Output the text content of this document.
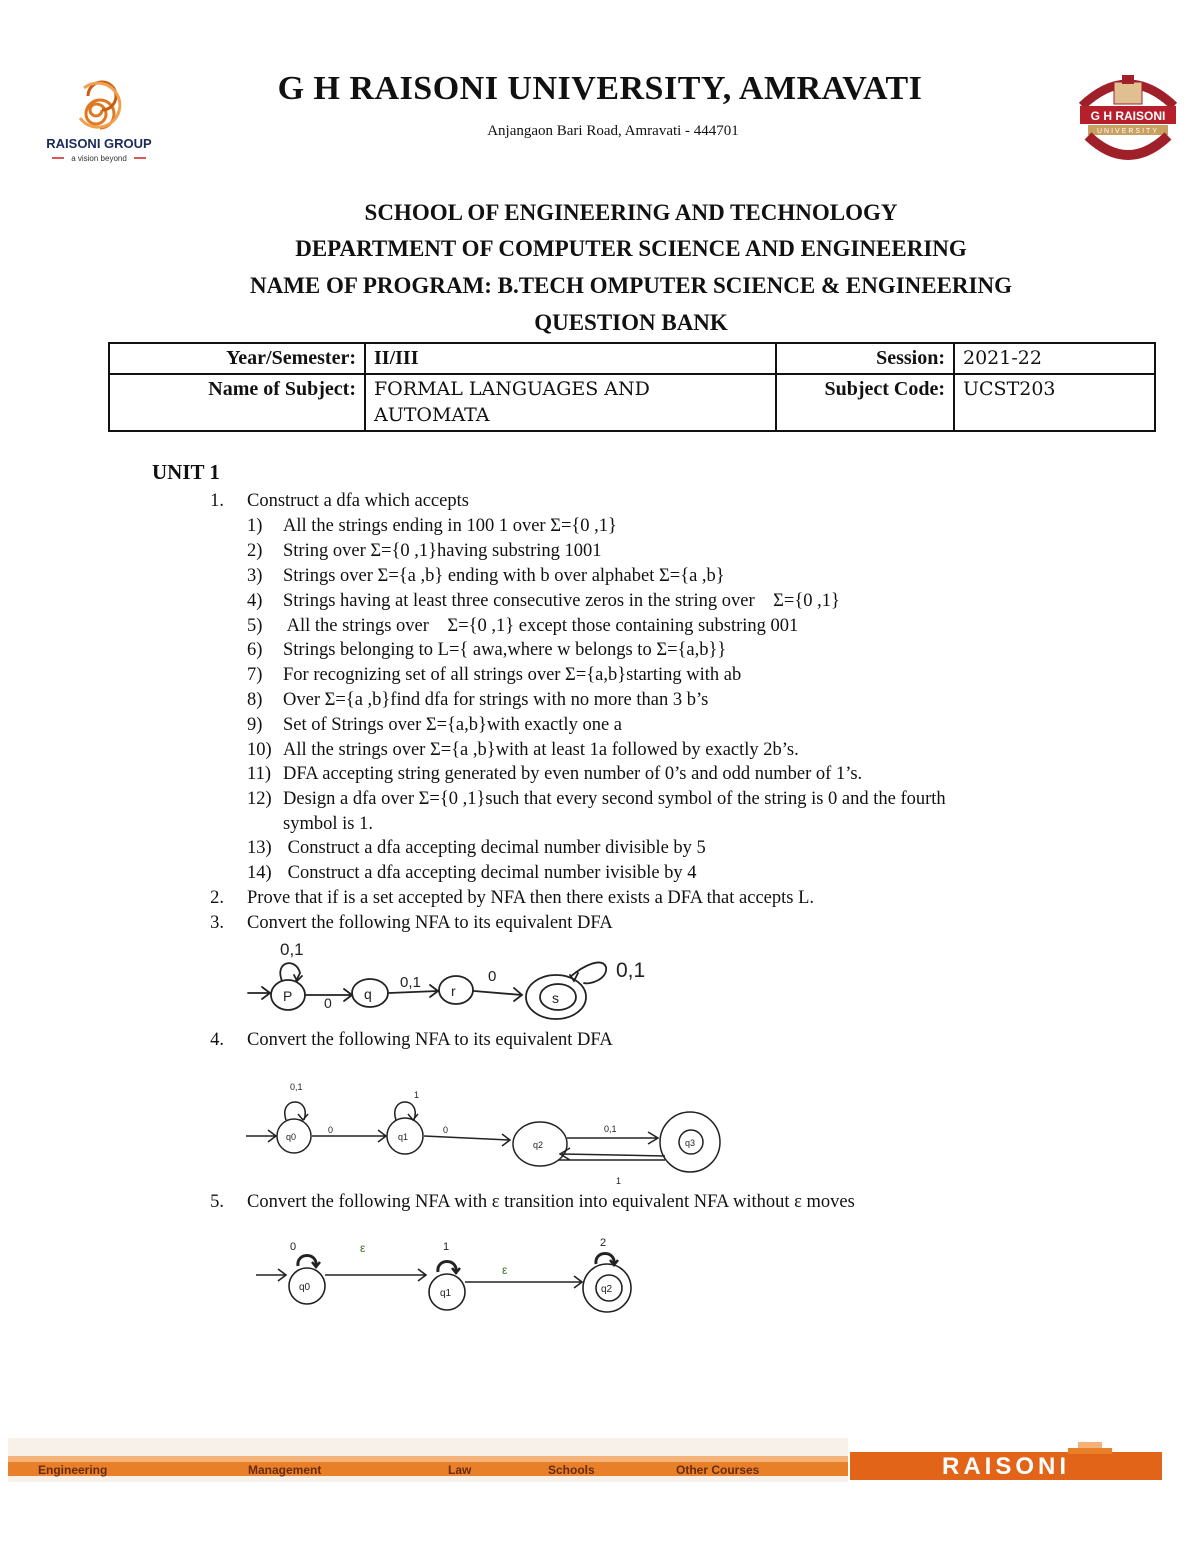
RAISONI GROUP
a vision beyond
G H RAISONI UNIVERSITY, AMRAVATI
Anjangaon Bari Road, Amravati - 444701
G H RAISONI
UNIVERSITY
SCHOOL OF ENGINEERING AND TECHNOLOGY
DEPARTMENT OF COMPUTER SCIENCE AND ENGINEERING
NAME OF PROGRAM: B.TECH OMPUTER SCIENCE & ENGINEERING
QUESTION BANK
Year/Semester:	II/III	Session:	2021-22
Name of Subject:	FORMAL LANGUAGES AND AUTOMATA	Subject Code:	UCST203
UNIT 1
1. Construct a dfa which accepts
1)	All the strings ending in 100 1 over Σ={0 ,1}
2)	String over Σ={0 ,1}having substring 1001
3)	Strings over Σ={a ,b} ending with b over alphabet Σ={a ,b}
4)	Strings having at least three consecutive zeros in the string over    Σ={0 ,1}
5)	All the strings over    Σ={0 ,1} except those containing substring 001
6)	Strings belonging to L={ awa,where w belongs to Σ={a,b}}
7)	For recognizing set of all strings over Σ={a,b}starting with ab
8)	Over Σ={a ,b}find dfa for strings with no more than 3 b’s
9)	Set of Strings over Σ={a,b}with exactly one a
10) All the strings over Σ={a ,b}with at least 1a followed by exactly 2b’s.
11) DFA accepting string generated by even number of 0’s and odd number of 1’s.
12) Design a dfa over Σ={0 ,1}such that every second symbol of the string is 0 and the fourth
symbol is 1.
13) Construct a dfa accepting decimal number divisible by 5
14) Construct a dfa accepting decimal number ivisible by 4
2. Prove that if is a set accepted by NFA then there exists a DFA that accepts L.
3. Convert the following NFA to its equivalent DFA
P	q	r	s
0,1
0
0,1	0	0,1
4. Convert the following NFA to its equivalent DFA
q0	q1
q2	q3
0,1
1
0	0	0,1
1
5. Convert the following NFA with ε transition into equivalent NFA without ε moves
q0
q1	q2
0	1	2
ε
ε
Engineering	Management	Law	Schools	Other Courses	RAISONI
